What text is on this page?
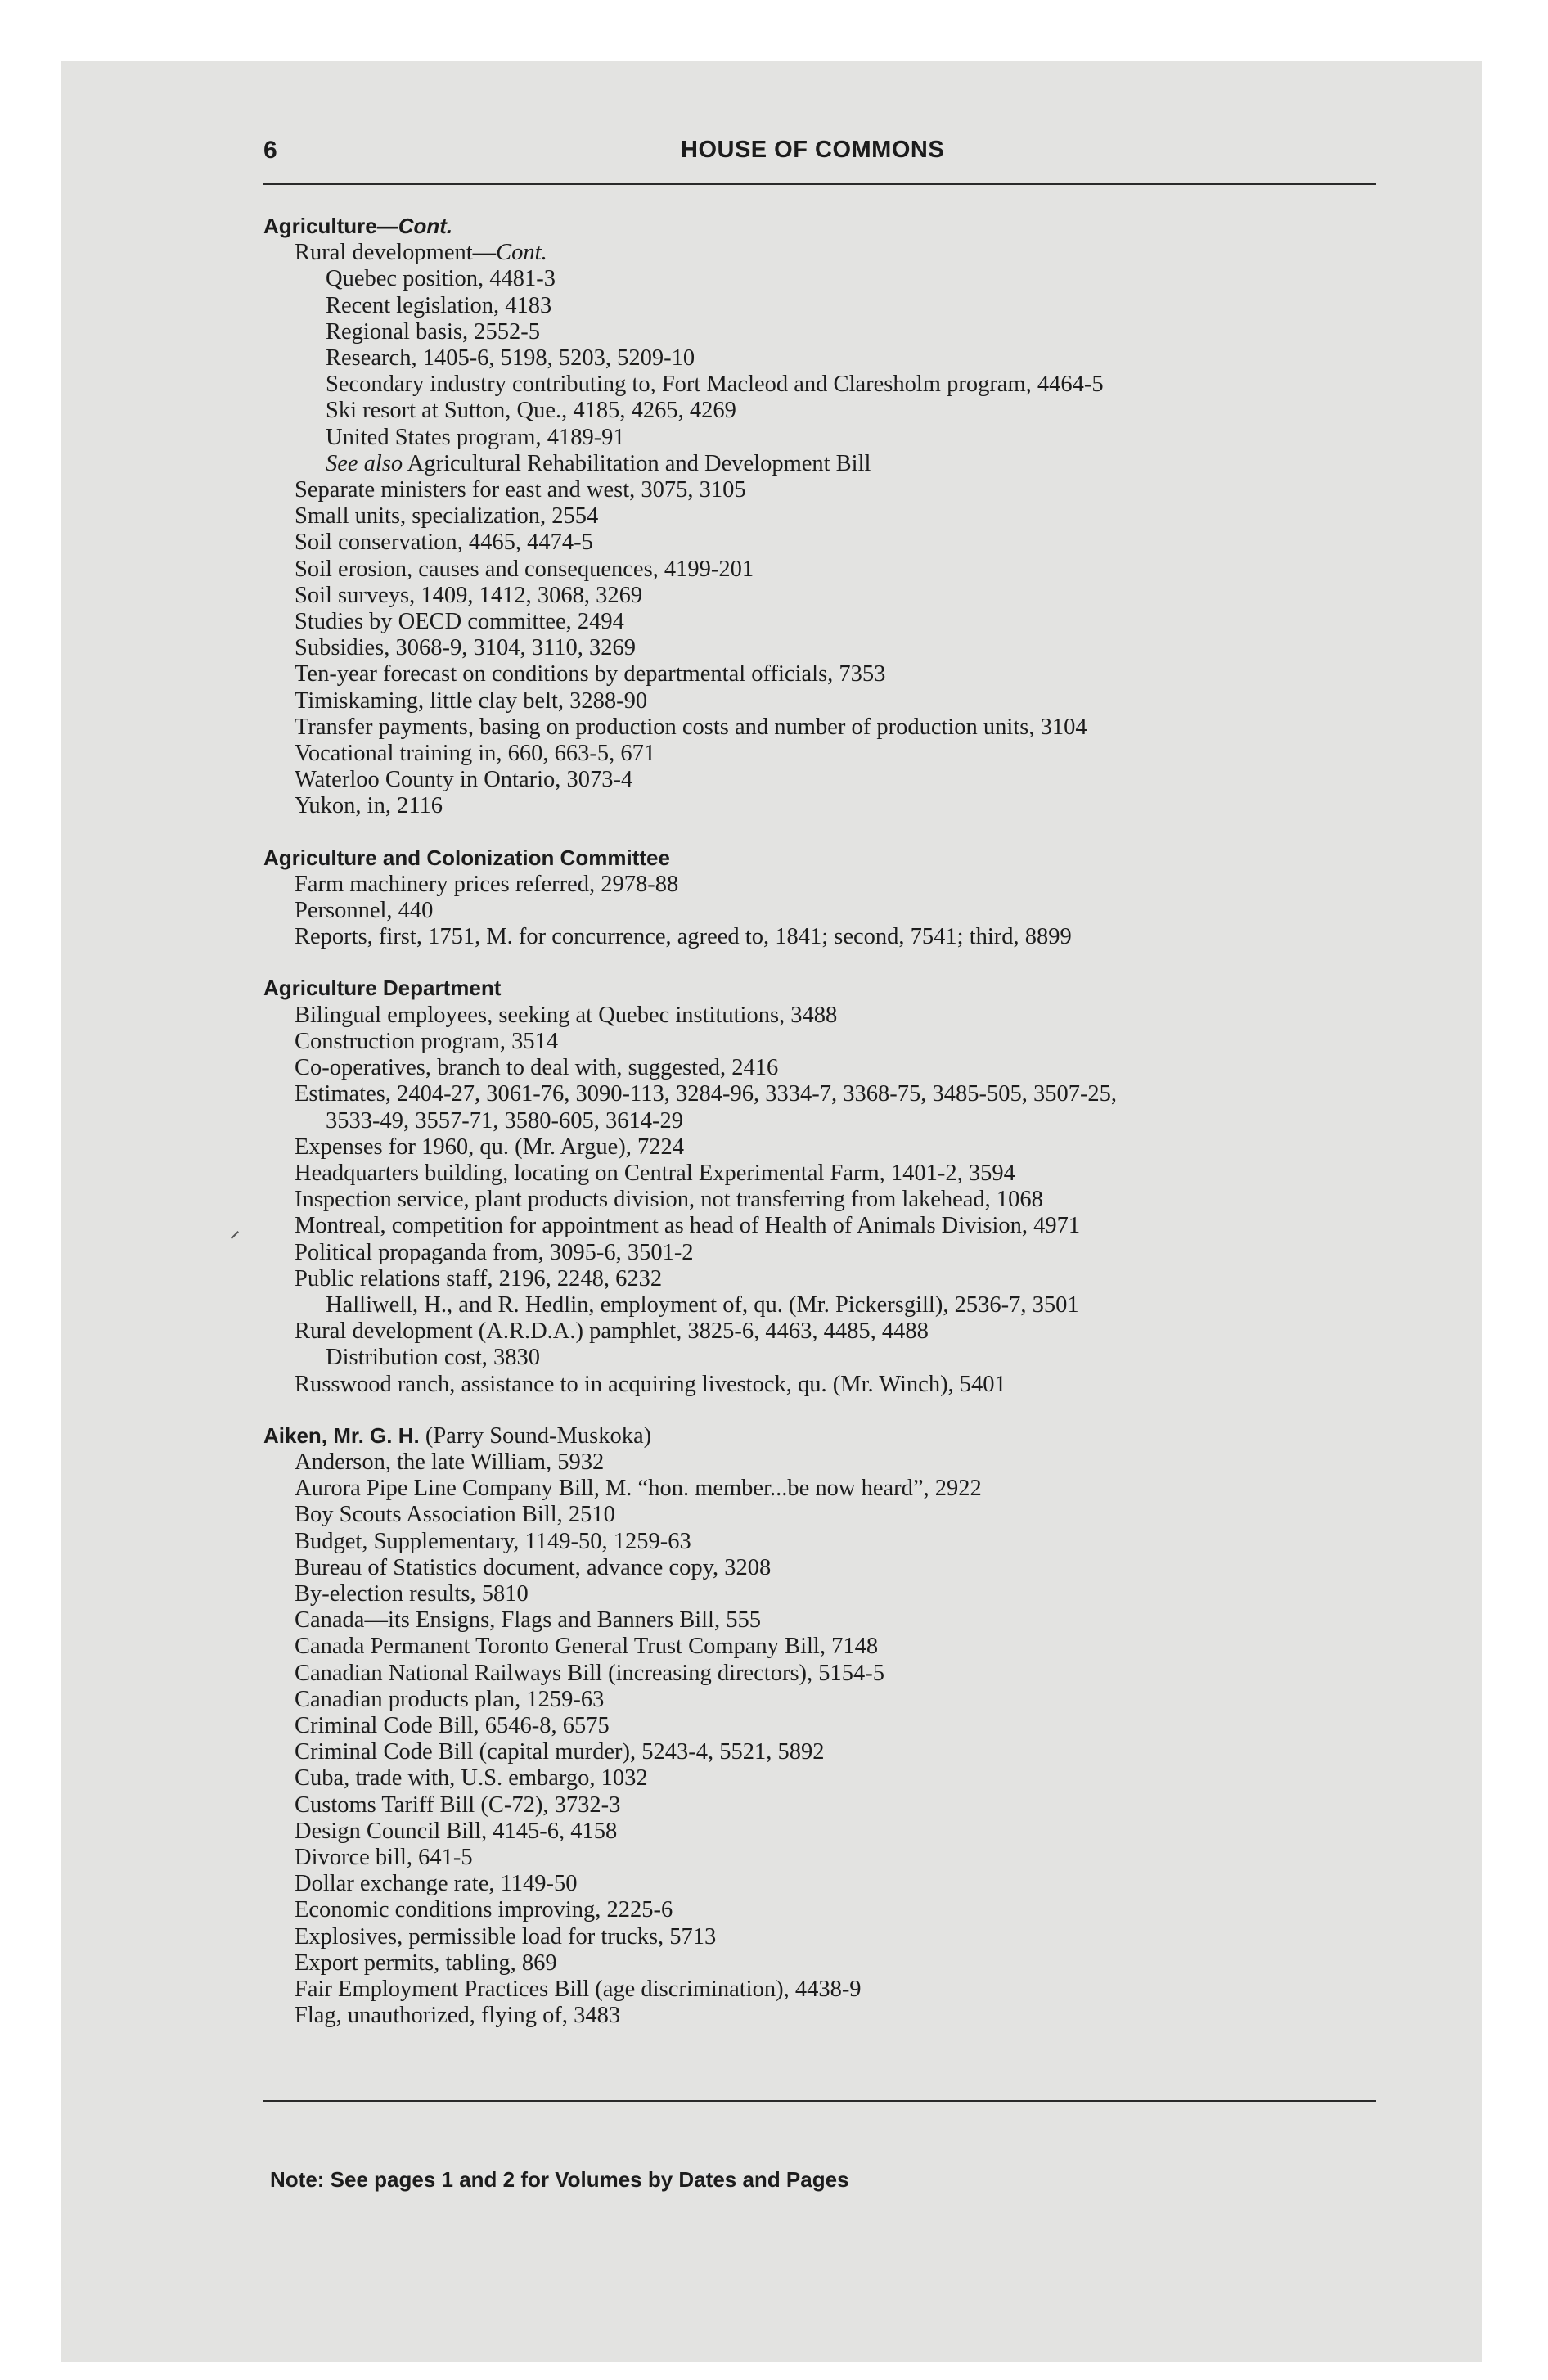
6	HOUSE OF COMMONS
Agriculture—Cont.
Rural development—Cont.
Quebec position, 4481-3
Recent legislation, 4183
Regional basis, 2552-5
Research, 1405-6, 5198, 5203, 5209-10
Secondary industry contributing to, Fort Macleod and Claresholm program, 4464-5
Ski resort at Sutton, Que., 4185, 4265, 4269
United States program, 4189-91
See also Agricultural Rehabilitation and Development Bill
Separate ministers for east and west, 3075, 3105
Small units, specialization, 2554
Soil conservation, 4465, 4474-5
Soil erosion, causes and consequences, 4199-201
Soil surveys, 1409, 1412, 3068, 3269
Studies by OECD committee, 2494
Subsidies, 3068-9, 3104, 3110, 3269
Ten-year forecast on conditions by departmental officials, 7353
Timiskaming, little clay belt, 3288-90
Transfer payments, basing on production costs and number of production units, 3104
Vocational training in, 660, 663-5, 671
Waterloo County in Ontario, 3073-4
Yukon, in, 2116
Agriculture and Colonization Committee
Farm machinery prices referred, 2978-88
Personnel, 440
Reports, first, 1751, M. for concurrence, agreed to, 1841; second, 7541; third, 8899
Agriculture Department
Bilingual employees, seeking at Quebec institutions, 3488
Construction program, 3514
Co-operatives, branch to deal with, suggested, 2416
Estimates, 2404-27, 3061-76, 3090-113, 3284-96, 3334-7, 3368-75, 3485-505, 3507-25,
3533-49, 3557-71, 3580-605, 3614-29
Expenses for 1960, qu. (Mr. Argue), 7224
Headquarters building, locating on Central Experimental Farm, 1401-2, 3594
Inspection service, plant products division, not transferring from lakehead, 1068
Montreal, competition for appointment as head of Health of Animals Division, 4971
Political propaganda from, 3095-6, 3501-2
Public relations staff, 2196, 2248, 6232
Halliwell, H., and R. Hedlin, employment of, qu. (Mr. Pickersgill), 2536-7, 3501
Rural development (A.R.D.A.) pamphlet, 3825-6, 4463, 4485, 4488
Distribution cost, 3830
Russwood ranch, assistance to in acquiring livestock, qu. (Mr. Winch), 5401
Aiken, Mr. G. H. (Parry Sound-Muskoka)
Anderson, the late William, 5932
Aurora Pipe Line Company Bill, M. “hon. member...be now heard”, 2922
Boy Scouts Association Bill, 2510
Budget, Supplementary, 1149-50, 1259-63
Bureau of Statistics document, advance copy, 3208
By-election results, 5810
Canada—its Ensigns, Flags and Banners Bill, 555
Canada Permanent Toronto General Trust Company Bill, 7148
Canadian National Railways Bill (increasing directors), 5154-5
Canadian products plan, 1259-63
Criminal Code Bill, 6546-8, 6575
Criminal Code Bill (capital murder), 5243-4, 5521, 5892
Cuba, trade with, U.S. embargo, 1032
Customs Tariff Bill (C-72), 3732-3
Design Council Bill, 4145-6, 4158
Divorce bill, 641-5
Dollar exchange rate, 1149-50
Economic conditions improving, 2225-6
Explosives, permissible load for trucks, 5713
Export permits, tabling, 869
Fair Employment Practices Bill (age discrimination), 4438-9
Flag, unauthorized, flying of, 3483
Note: See pages 1 and 2 for Volumes by Dates and Pages
